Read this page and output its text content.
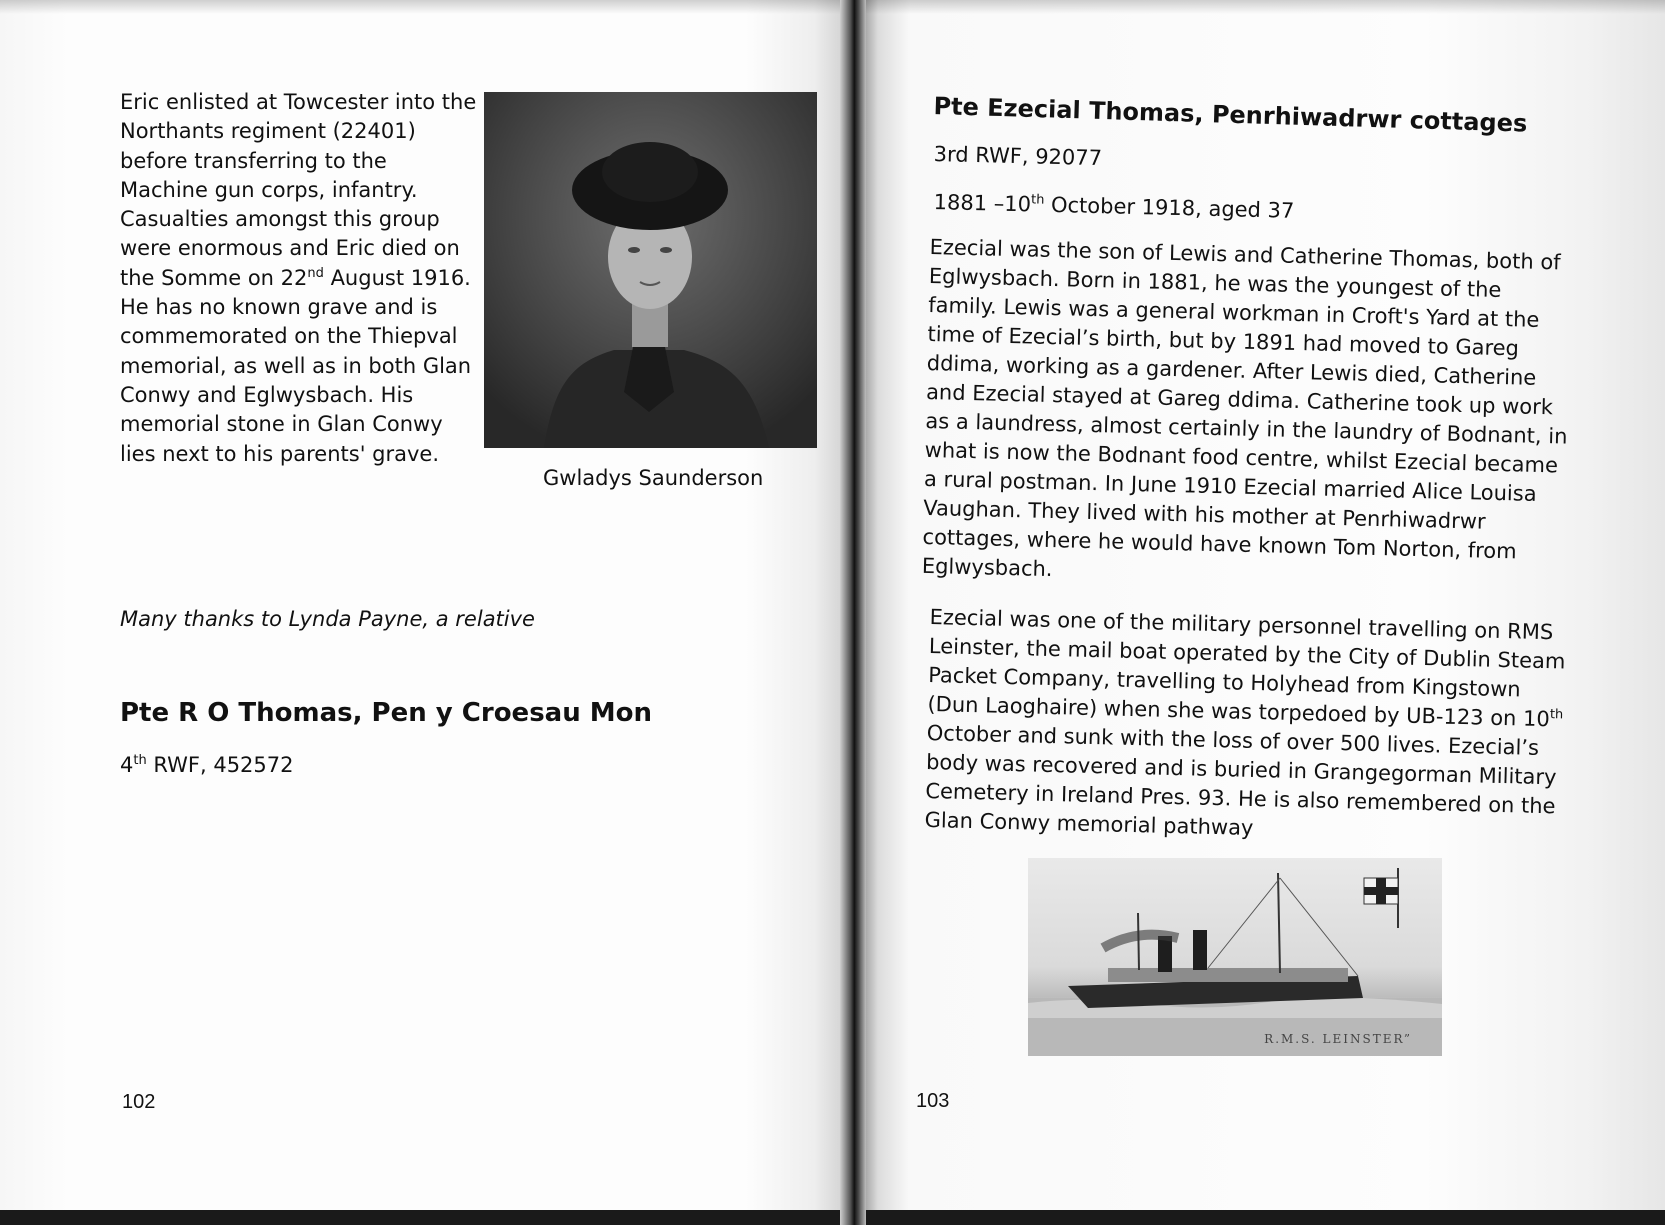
Eric enlisted at Towcester into the Northants regiment (22401) before transferring to the Machine gun corps, infantry. Casualties amongst this group were enormous and Eric died on the Somme on 22nd August 1916. He has no known grave and is commemorated on the Thiepval memorial, as well as in both Glan Conwy and Eglwysbach. His memorial stone in Glan Conwy lies next to his parents' grave.

Gwladys Saunderson
Many thanks to Lynda Payne, a relative
Pte R O Thomas, Pen y Croesau Mon
4th RWF, 452572
102
Pte Ezecial Thomas, Penrhiwadrwr cottages
3rd RWF, 92077
1881 –10th October 1918, aged 37

Ezecial was the son of Lewis and Catherine Thomas, both of Eglwysbach. Born in 1881, he was the youngest of the family. Lewis was a general workman in Croft's Yard at the time of Ezecial’s birth, but by 1891 had moved to Gareg ddima, working as a gardener. After Lewis died, Catherine and Ezecial stayed at Gareg ddima. Catherine took up work as a laundress, almost certainly in the laundry of Bodnant, in what is now the Bodnant food centre, whilst Ezecial became a rural postman. In June 1910 Ezecial married Alice Louisa Vaughan. They lived with his mother at Penrhiwadrwr cottages, where he would have known Tom Norton, from Eglwysbach.

Ezecial was one of the military personnel travelling on RMS Leinster, the mail boat operated by the City of Dublin Steam Packet Company, travelling to Holyhead from Kingstown (Dun Laoghaire) when she was torpedoed by UB-123 on 10th October and sunk with the loss of over 500 lives. Ezecial’s body was recovered and is buried in Grangegorman Military Cemetery in Ireland Pres. 93. He is also remembered on the Glan Conwy memorial pathway

R.M.S. LEINSTER”
103
